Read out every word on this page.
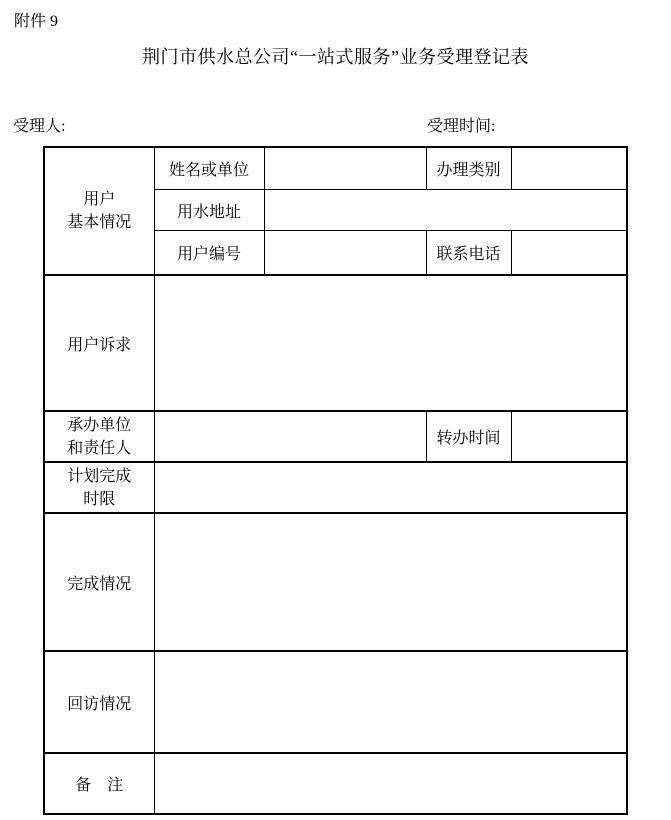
附件 9
荆门市供水总公司“一站式服务”业务受理登记表
受理人:	受理时间:
用户
基本情况	姓名或单位		办理类别	
	用水地址			
	用户编号		联系电话	
用户诉求				

承办单位
和责任人			转办时间	

计划完成
时限				

完成情况				
回访情况				
备　注				
